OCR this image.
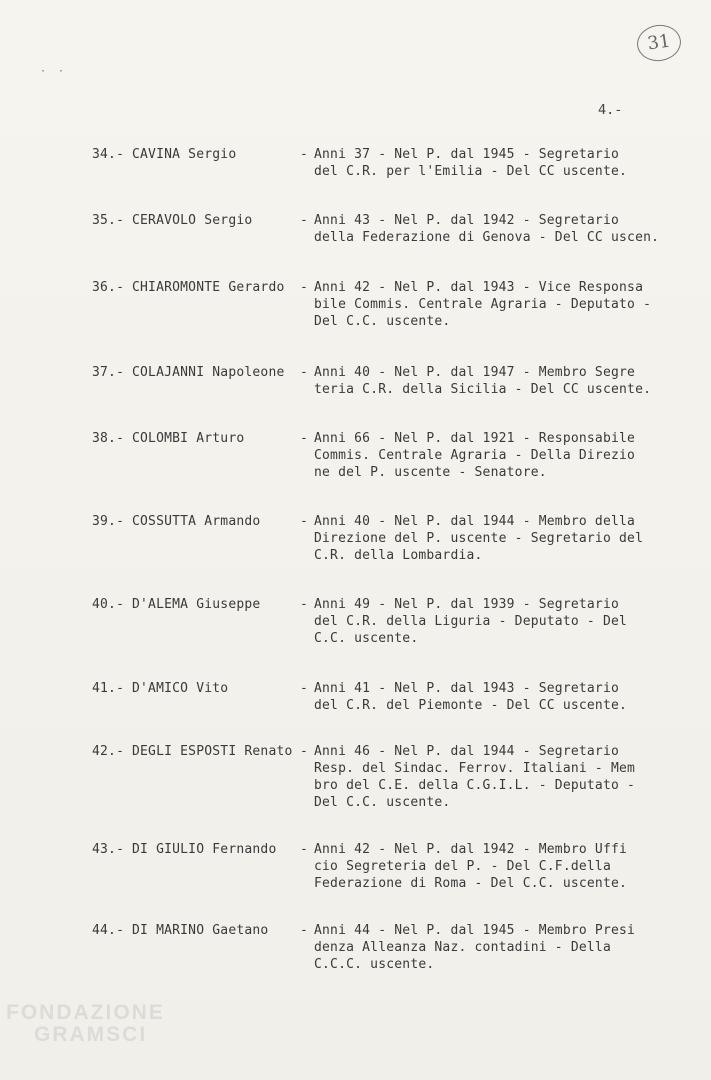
31
·  ·
4.-
34.- CAVINA Sergio	- Anni 37 - Nel P. dal 1945 - Segretario
del C.R. per l'Emilia - Del CC uscente.
35.- CERAVOLO Sergio	- Anni 43 - Nel P. dal 1942 - Segretario
della Federazione di Genova - Del CC uscen.
36.- CHIAROMONTE Gerardo - Anni 42 - Nel P. dal 1943 - Vice Responsa
bile Commis. Centrale Agraria - Deputato -
Del C.C. uscente.
37.- COLAJANNI Napoleone - Anni 40 - Nel P. dal 1947 - Membro Segre
teria C.R. della Sicilia - Del CC uscente.
38.- COLOMBI Arturo	- Anni 66 - Nel P. dal 1921 - Responsabile
Commis. Centrale Agraria - Della Direzio
ne del P. uscente - Senatore.
39.- COSSUTTA Armando	- Anni 40 - Nel P. dal 1944 - Membro della
Direzione del P. uscente - Segretario del
C.R. della Lombardia.
40.- D'ALEMA Giuseppe	- Anni 49 - Nel P. dal 1939 - Segretario
del C.R. della Liguria - Deputato - Del
C.C. uscente.
41.- D'AMICO Vito	- Anni 41 - Nel P. dal 1943 - Segretario
del C.R. del Piemonte - Del CC uscente.
42.- DEGLI ESPOSTI Renato - Anni 46 - Nel P. dal 1944 - Segretario
Resp. del Sindac. Ferrov. Italiani - Mem
bro del C.E. della C.G.I.L. - Deputato -
Del C.C. uscente.
43.- DI GIULIO Fernando - Anni 42 - Nel P. dal 1942 - Membro Uffi
cio Segreteria del P. - Del C.F.della
Federazione di Roma - Del C.C. uscente.
44.- DI MARINO Gaetano - Anni 44 - Nel P. dal 1945 - Membro Presi
denza Alleanza Naz. contadini - Della
C.C.C. uscente.
FONDAZIONE
GRAMSCI
